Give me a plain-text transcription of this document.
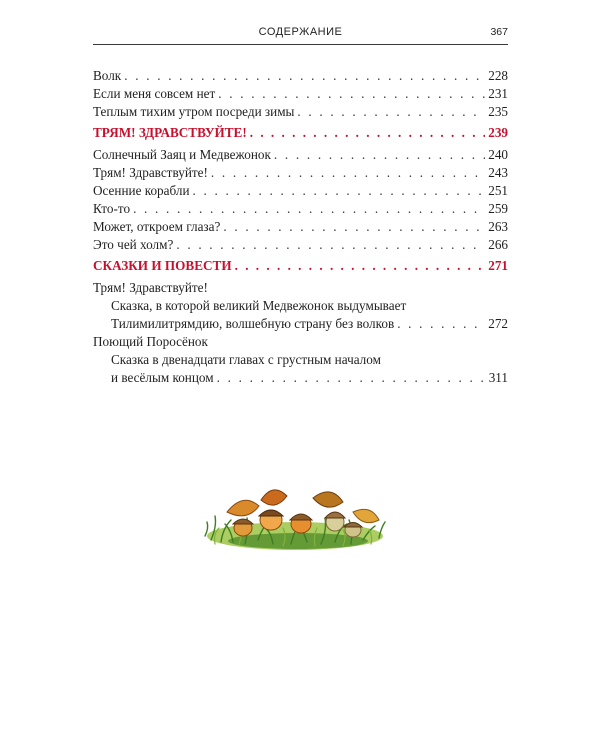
СОДЕРЖАНИЕ	367
Волк . . .	228
Если меня совсем нет . . .	231
Теплым тихим утром посреди зимы . . .	235
ТРЯМ! ЗДРАВСТВУЙТЕ! . . .	239
Солнечный Заяц и Медвежонок . . .	240
Трям! Здравствуйте! . . .	243
Осенние корабли . . .	251
Кто-то . . .	259
Может, откроем глаза? . . .	263
Это чей холм? . . .	266
СКАЗКИ И ПОВЕСТИ . . .	271
Трям! Здравствуйте!
Сказка, в которой великий Медвежонок выдумывает
Тилимилитрямдию, волшебную страну без волков . . .	272
Поющий Поросёнок
Сказка в двенадцати главах с грустным началом
и весёлым концом . . .	311
